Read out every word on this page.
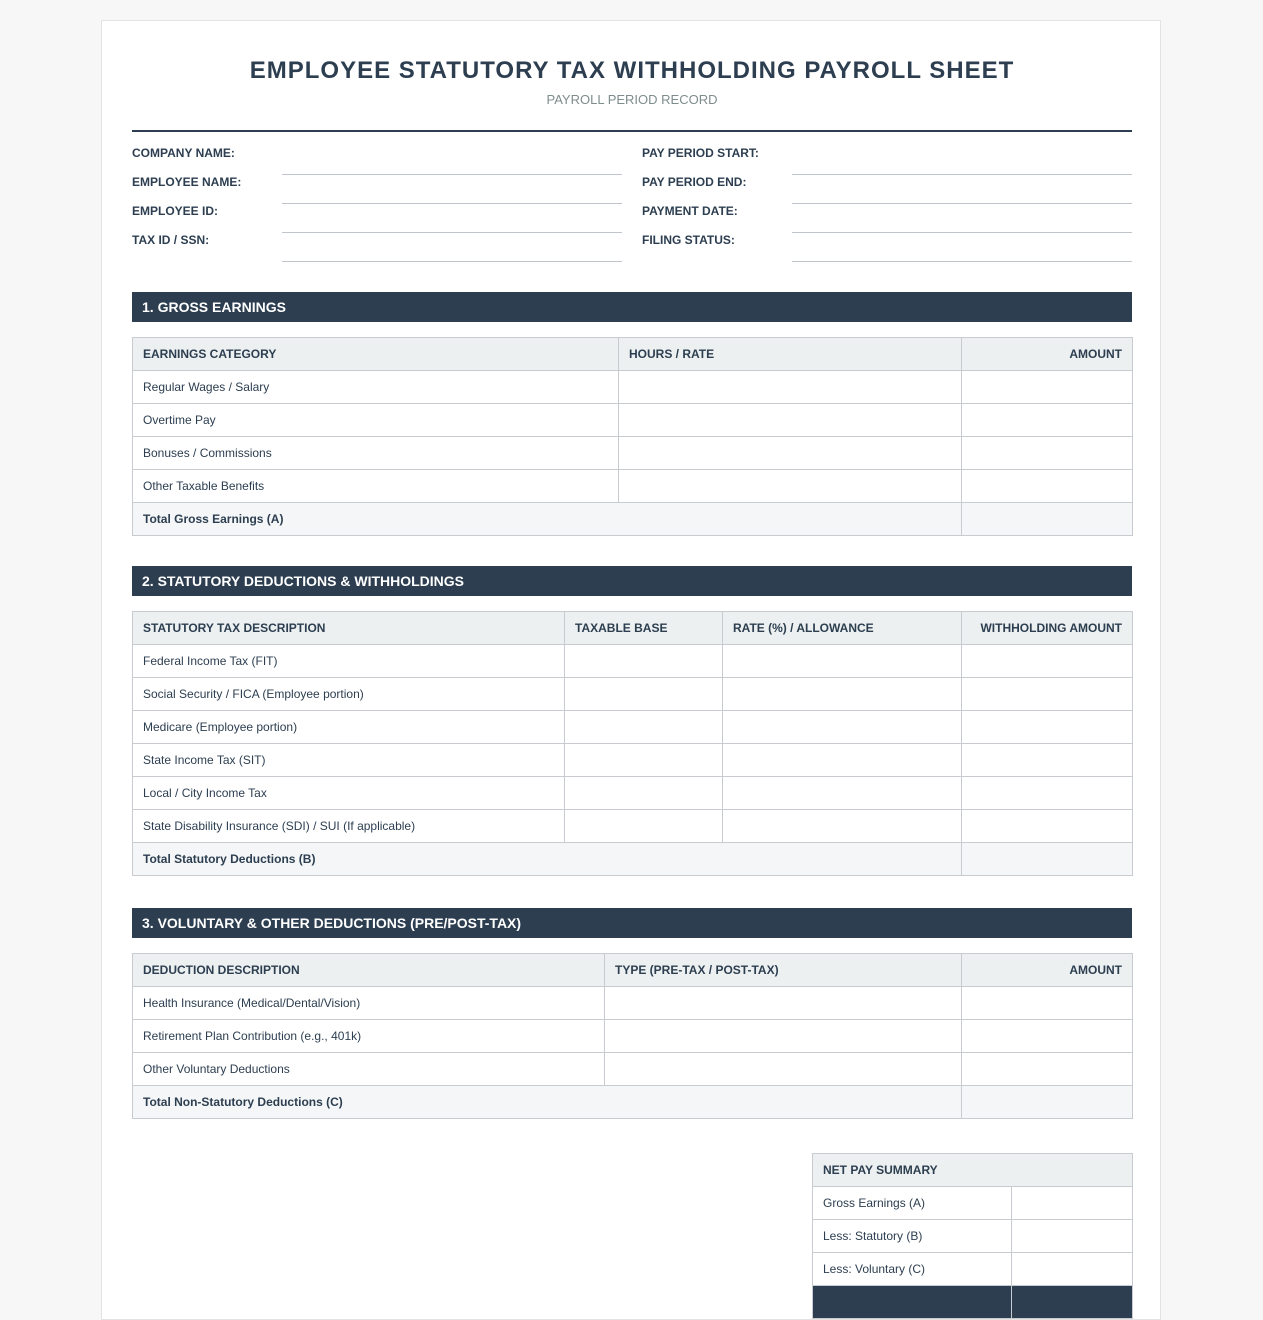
EMPLOYEE STATUTORY TAX WITHHOLDING PAYROLL SHEET
PAYROLL PERIOD RECORD
COMPANY NAME:
EMPLOYEE NAME:
EMPLOYEE ID:
TAX ID / SSN:
PAY PERIOD START:
PAY PERIOD END:
PAYMENT DATE:
FILING STATUS:
1. GROSS EARNINGS
EARNINGS CATEGORY	HOURS / RATE	AMOUNT
Regular Wages / Salary		
Overtime Pay		
Bonuses / Commissions		
Other Taxable Benefits		
Total Gross Earnings (A)		
2. STATUTORY DEDUCTIONS & WITHHOLDINGS
STATUTORY TAX DESCRIPTION	TAXABLE BASE	RATE (%) / ALLOWANCE	WITHHOLDING AMOUNT
Federal Income Tax (FIT)			
Social Security / FICA (Employee portion)			
Medicare (Employee portion)			
State Income Tax (SIT)			
Local / City Income Tax			
State Disability Insurance (SDI) / SUI (If applicable)			
Total Statutory Deductions (B)			
3. VOLUNTARY & OTHER DEDUCTIONS (PRE/POST-TAX)
DEDUCTION DESCRIPTION	TYPE (PRE-TAX / POST-TAX)	AMOUNT
Health Insurance (Medical/Dental/Vision)		
Retirement Plan Contribution (e.g., 401k)		
Other Voluntary Deductions		
Total Non-Statutory Deductions (C)		
NET PAY SUMMARY	
Gross Earnings (A)	
Less: Statutory (B)	
Less: Voluntary (C)	
